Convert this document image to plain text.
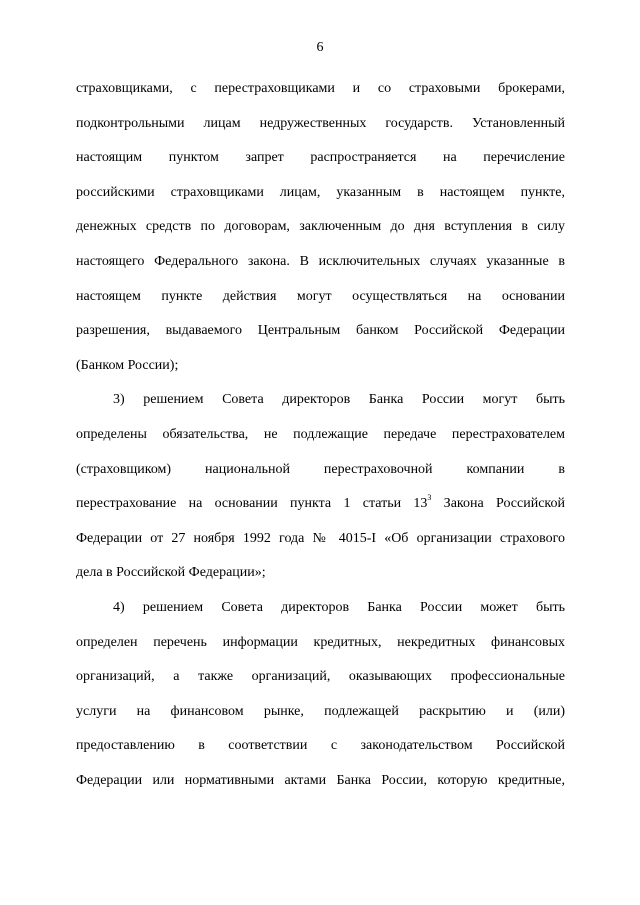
6
страховщиками, с перестраховщиками и со страховыми брокерами,
подконтрольными лицам недружественных государств. Установленный
настоящим пунктом запрет распространяется на перечисление
российскими страховщиками лицам, указанным в настоящем пункте,
денежных средств по договорам, заключенным до дня вступления в силу
настоящего Федерального закона. В исключительных случаях указанные в
настоящем пункте действия могут осуществляться на основании
разрешения, выдаваемого Центральным банком Российской Федерации
(Банком России);
3) решением Совета директоров Банка России могут быть
определены обязательства, не подлежащие передаче перестрахователем
(страховщиком) национальной перестраховочной компании в
перестрахование на основании пункта 1 статьи $13^3$ Закона Российской
Федерации от 27 ноября 1992 года № 4015-I «Об организации страхового
дела в Российской Федерации»;
4) решением Совета директоров Банка России может быть
определен перечень информации кредитных, некредитных финансовых
организаций, а также организаций, оказывающих профессиональные
услуги на финансовом рынке, подлежащей раскрытию и (или)
предоставлению в соответствии с законодательством Российской
Федерации или нормативными актами Банка России, которую кредитные,
